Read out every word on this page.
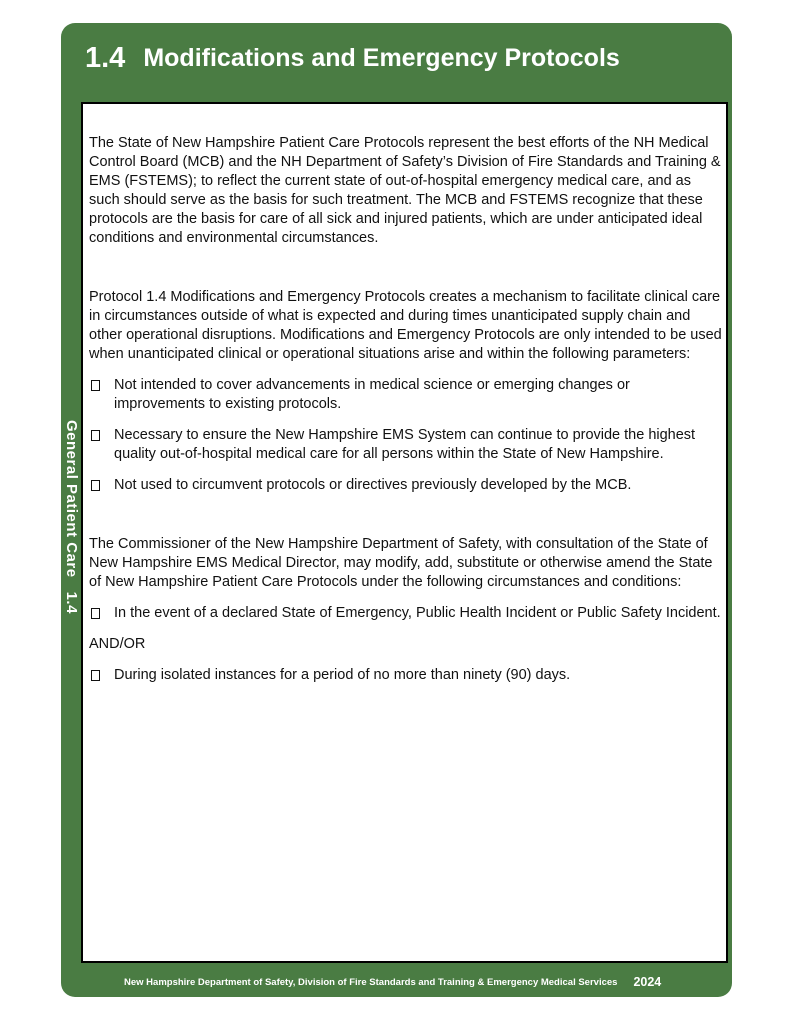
1.4 Modifications and Emergency Protocols
General Patient Care   1.4

The State of New Hampshire Patient Care Protocols represent the best efforts of the NH Medical Control Board (MCB) and the NH Department of Safety’s Division of Fire Standards and Training & EMS (FSTEMS); to reflect the current state of out-of-hospital emergency medical care, and as such should serve as the basis for such treatment. The MCB and FSTEMS recognize that these protocols are the basis for care of all sick and injured patients, which are under anticipated ideal conditions and environmental circumstances.

Protocol 1.4 Modifications and Emergency Protocols creates a mechanism to facilitate clinical care in circumstances outside of what is expected and during times unanticipated supply chain and other operational disruptions. Modifications and Emergency Protocols are only intended to be used when unanticipated clinical or operational situations arise and within the following parameters:

Not intended to cover advancements in medical science or emerging changes or improvements to existing protocols.
Necessary to ensure the New Hampshire EMS System can continue to provide the highest quality out-of-hospital medical care for all persons within the State of New Hampshire.
Not used to circumvent protocols or directives previously developed by the MCB.

The Commissioner of the New Hampshire Department of Safety, with consultation of the State of New Hampshire EMS Medical Director, may modify, add, substitute or otherwise amend the State of New Hampshire Patient Care Protocols under the following circumstances and conditions:

In the event of a declared State of Emergency, Public Health Incident or Public Safety Incident.

AND/OR

During isolated instances for a period of no more than ninety (90) days.
New Hampshire Department of Safety, Division of Fire Standards and Training & Emergency Medical Services 2024
